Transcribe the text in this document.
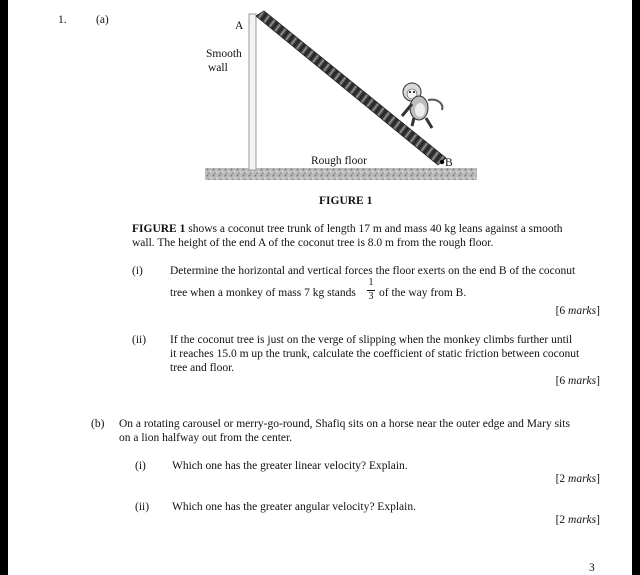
1.	(a)	A
Smooth
wall
Rough floor	B
FIGURE 1
FIGURE 1 shows a coconut tree trunk of length 17 m and mass 40 kg leans against a smooth
wall. The height of the end A of the coconut tree is 8.0 m from the rough floor.
(i) Determine the horizontal and vertical forces the floor exerts on the end B of the coconut
tree when a monkey of mass 7 kg stands
1
3 of the way from B.
[6 marks]
(ii) If the coconut tree is just on the verge of slipping when the monkey climbs further until
it reaches 15.0 m up the trunk, calculate the coefficient of static friction between coconut
tree and floor.
[6 marks]
(b) On a rotating carousel or merry-go-round, Shafiq sits on a horse near the outer edge and Mary sits
on a lion halfway out from the center.
(i) Which one has the greater linear velocity? Explain.
[2 marks]
(ii) Which one has the greater angular velocity? Explain.
[2 marks]
3
